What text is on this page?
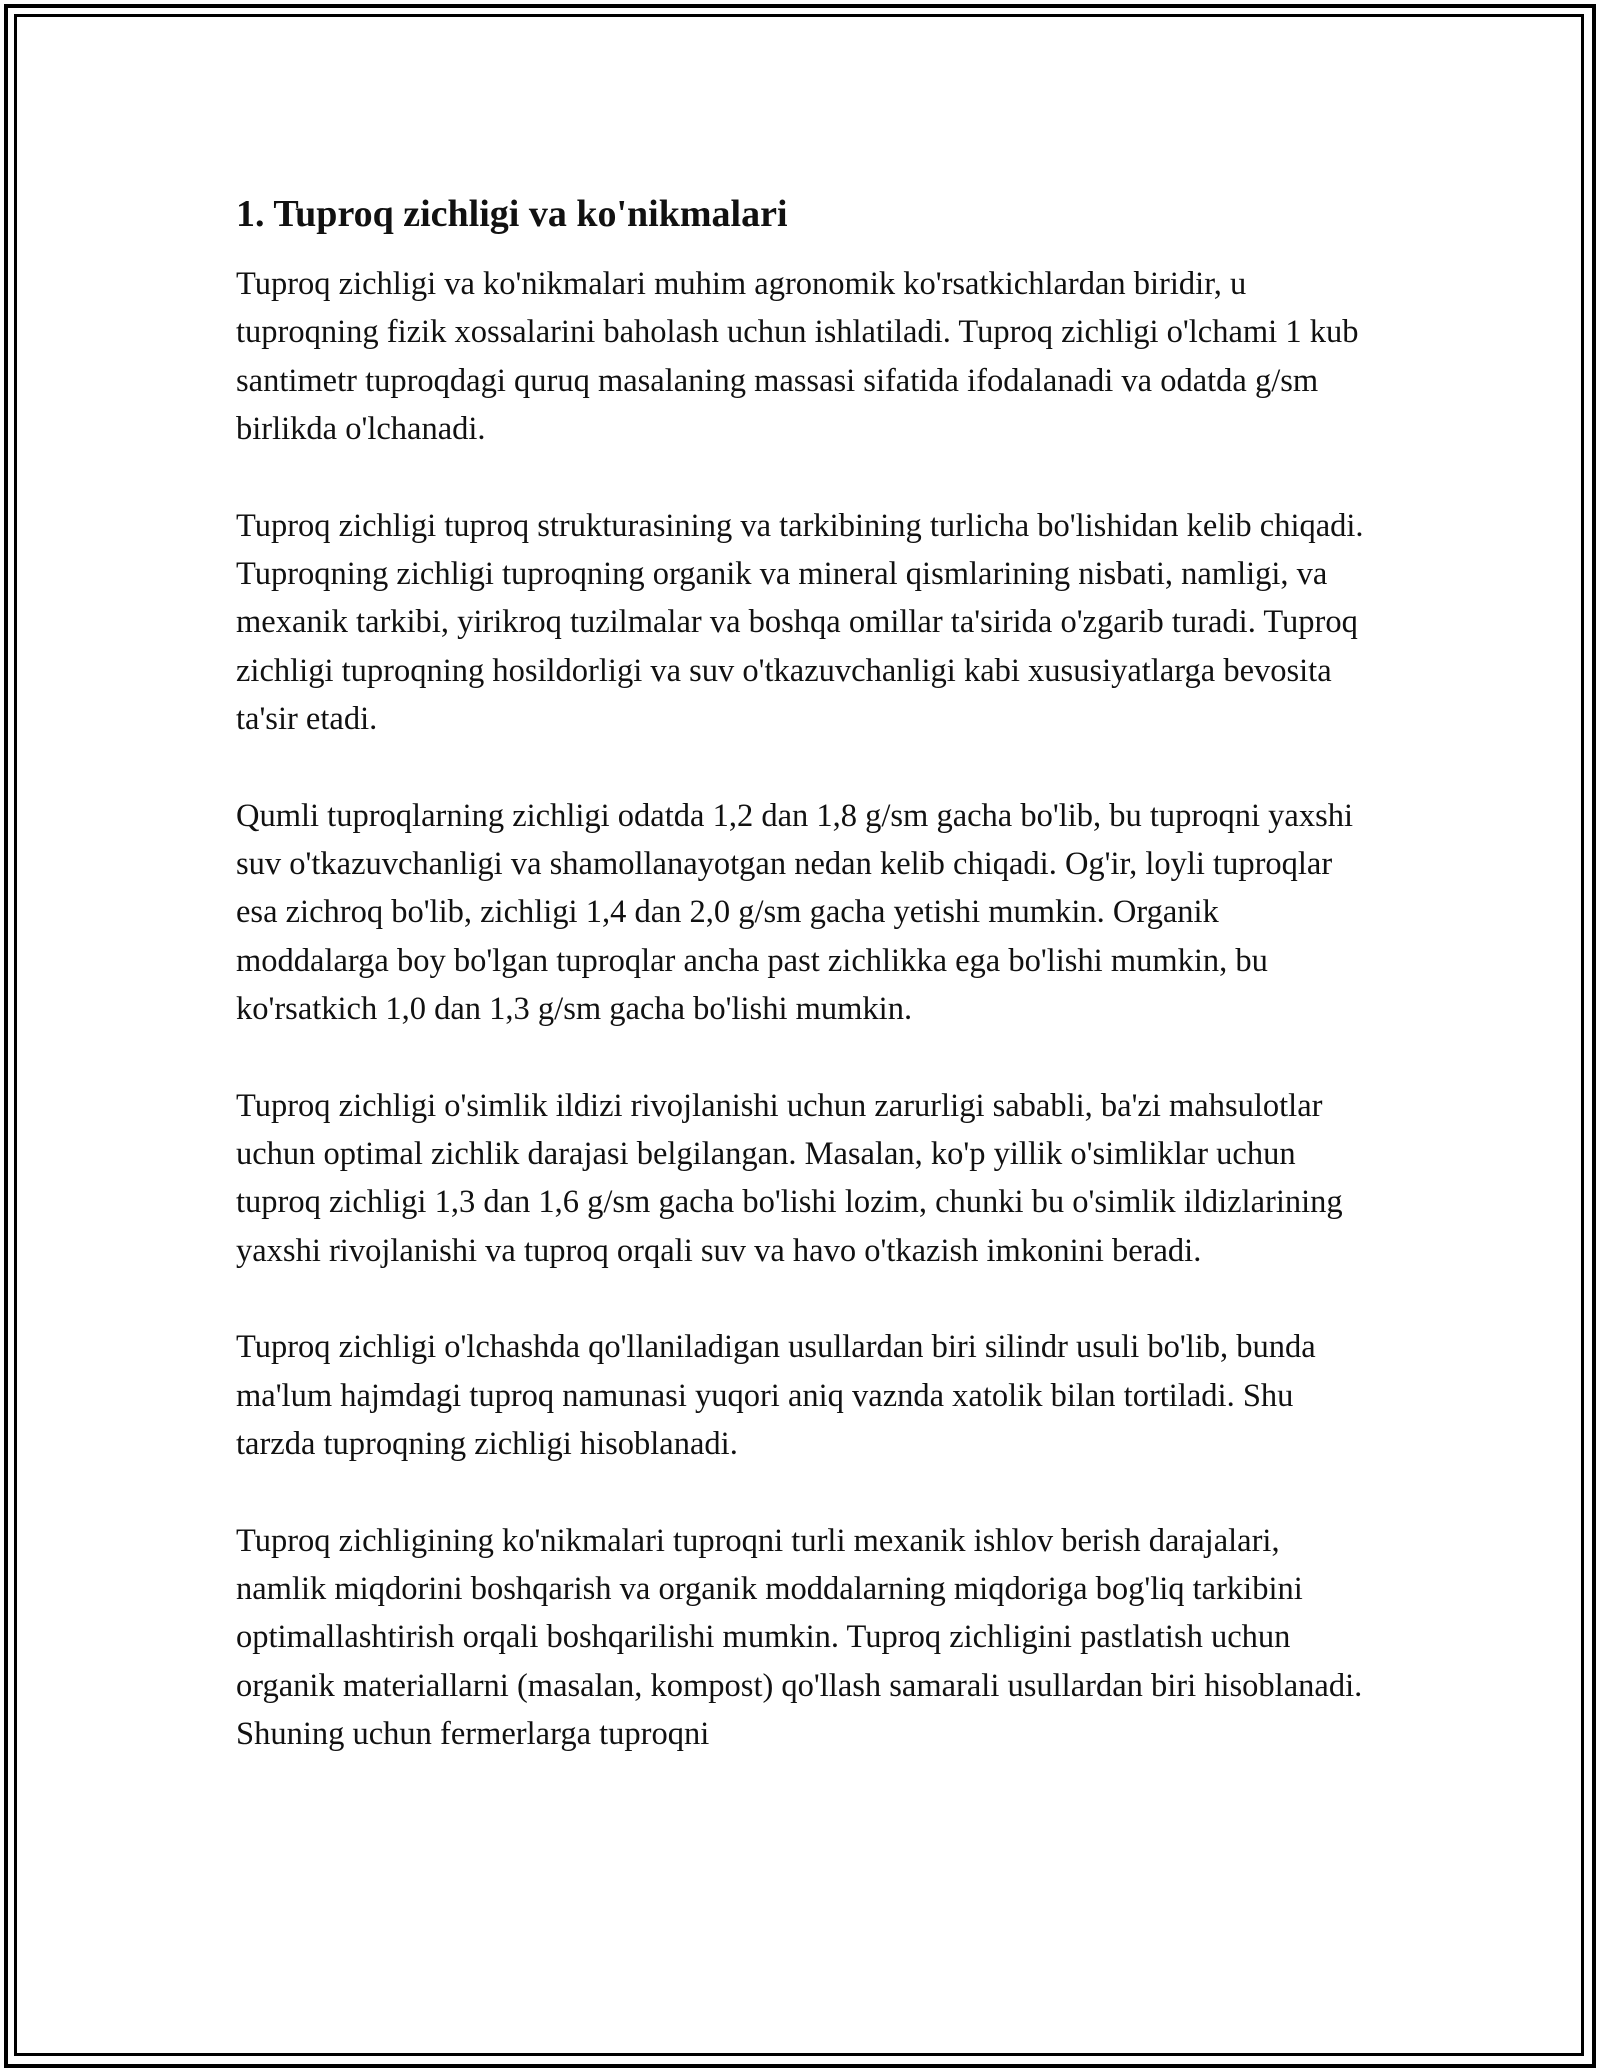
1. Tuproq zichligi va ko'nikmalari

Tuproq zichligi va ko'nikmalari muhim agronomik ko'rsatkichlardan biridir, u tuproqning fizik xossalarini baholash uchun ishlatiladi. Tuproq zichligi o'lchami 1 kub santimetr tuproqdagi quruq masalaning massasi sifatida ifodalanadi va odatda g/sm birlikda o'lchanadi.

Tuproq zichligi tuproq strukturasining va tarkibining turlicha bo'lishidan kelib chiqadi. Tuproqning zichligi tuproqning organik va mineral qismlarining nisbati, namligi, va mexanik tarkibi, yirikroq tuzilmalar va boshqa omillar ta'sirida o'zgarib turadi. Tuproq zichligi tuproqning hosildorligi va suv o'tkazuvchanligi kabi xususiyatlarga bevosita ta'sir etadi.

Qumli tuproqlarning zichligi odatda 1,2 dan 1,8 g/sm gacha bo'lib, bu tuproqni yaxshi suv o'tkazuvchanligi va shamollanayotgan nedan kelib chiqadi. Og'ir, loyli tuproqlar esa zichroq bo'lib, zichligi 1,4 dan 2,0 g/sm gacha yetishi mumkin. Organik moddalarga boy bo'lgan tuproqlar ancha past zichlikka ega bo'lishi mumkin, bu ko'rsatkich 1,0 dan 1,3 g/sm gacha bo'lishi mumkin.

Tuproq zichligi o'simlik ildizi rivojlanishi uchun zarurligi sababli, ba'zi mahsulotlar uchun optimal zichlik darajasi belgilangan. Masalan, ko'p yillik o'simliklar uchun tuproq zichligi 1,3 dan 1,6 g/sm gacha bo'lishi lozim, chunki bu o'simlik ildizlarining yaxshi rivojlanishi va tuproq orqali suv va havo o'tkazish imkonini beradi.

Tuproq zichligi o'lchashda qo'llaniladigan usullardan biri silindr usuli bo'lib, bunda ma'lum hajmdagi tuproq namunasi yuqori aniq vaznda xatolik bilan tortiladi. Shu tarzda tuproqning zichligi hisoblanadi.

Tuproq zichligining ko'nikmalari tuproqni turli mexanik ishlov berish darajalari, namlik miqdorini boshqarish va organik moddalarning miqdoriga bog'liq tarkibini optimallashtirish orqali boshqarilishi mumkin. Tuproq zichligini pastlatish uchun organik materiallarni (masalan, kompost) qo'llash samarali usullardan biri hisoblanadi. Shuning uchun fermerlarga tuproqni
